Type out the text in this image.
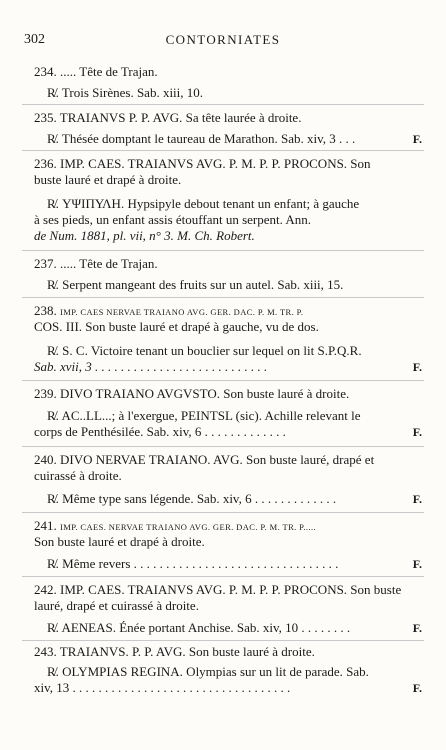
302	CONTORNIATES
234. ..... Tête de Trajan.
R̸. Trois Sirènes. Sab. xiii, 10.
235. TRAIANVS P. P. AVG. Sa tête laurée à droite.
R̸. Thésée domptant le taureau de Marathon. Sab. xiv, 3 . . .	F.
236. IMP. CAES. TRAIANVS AVG. P. M. P. P. PROCONS. Son
buste lauré et drapé à droite.
R̸. ΥΨΙΠΥΛΗ. Hypsipyle debout tenant un enfant; à gauche
à ses pieds, un enfant assis étouffant un serpent. Ann.
de Num. 1881, pl. vii, n° 3. M. Ch. Robert.
237. ..... Tête de Trajan.
R̸. Serpent mangeant des fruits sur un autel. Sab. xiii, 15.
238. IMP. CAES NERVAE TRAIANO AVG. GER. DAC. P. M. TR. P.
COS. III. Son buste lauré et drapé à gauche, vu de dos.
R̸. S. C. Victoire tenant un bouclier sur lequel on lit S.P.Q.R.
Sab. xvii, 3 . . . . . . . . . . . . . . . . . . . . . . . . . . .	F.
239. DIVO TRAIANO AVGVSTO. Son buste lauré à droite.
R̸. AC..LL...; à l'exergue, PEINTSL (sic). Achille relevant le
corps de Penthésilée. Sab. xiv, 6 . . . . . . . . . . . . .	F.
240. DIVO NERVAE TRAIANO. AVG. Son buste lauré, drapé et
cuirassé à droite.
R̸. Même type sans légende. Sab. xiv, 6 . . . . . . . . . . . . .	F.
241. IMP. CAES. NERVAE TRAIANO AVG. GER. DAC. P. M. TR. P.....
Son buste lauré et drapé à droite.
R̸. Même revers . . . . . . . . . . . . . . . . . . . . . . . . . . . . . . . .	F.
242. IMP. CAES. TRAIANVS AVG. P. M. P. P. PROCONS. Son buste
lauré, drapé et cuirassé à droite.
R̸. AENEAS. Énée portant Anchise. Sab. xiv, 10 . . . . . . . .	F.
243. TRAIANVS. P. P. AVG. Son buste lauré à droite.
R̸. OLYMPIAS REGINA. Olympias sur un lit de parade. Sab.
xiv, 13 . . . . . . . . . . . . . . . . . . . . . . . . . . . . . . . . . .	F.
